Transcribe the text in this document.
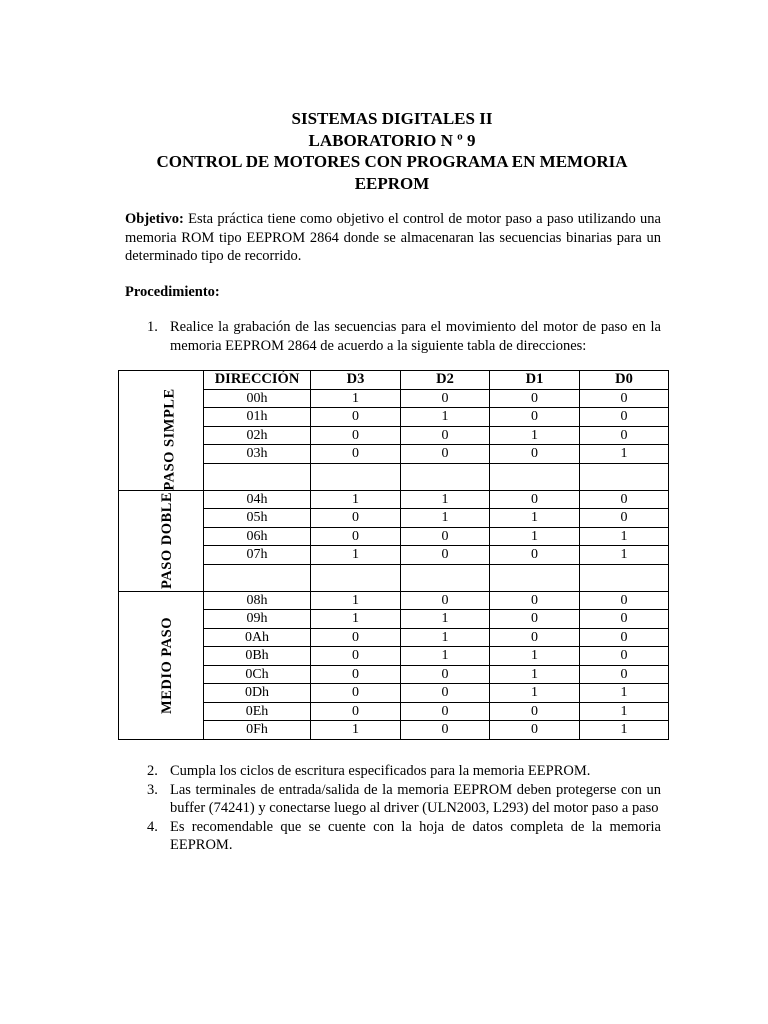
SISTEMAS DIGITALES II
LABORATORIO N º 9
CONTROL DE MOTORES CON PROGRAMA EN MEMORIA
EEPROM
Objetivo: Esta práctica tiene como objetivo el control de motor paso a paso utilizando una memoria ROM tipo EEPROM 2864 donde se almacenaran las secuencias binarias para un determinado tipo de recorrido.
Procedimiento:
1. Realice la grabación de las secuencias para el movimiento del motor de paso en la memoria EEPROM 2864 de acuerdo a la siguiente tabla de direcciones:
	DIRECCIÓN	D3	D2	D1	D0
PASO SIMPLE	00h	1	0	0	0
	01h	0	1	0	0
	02h	0	0	1	0
	03h	0	0	0	1

PASO DOBLE	04h	1	1	0	0
	05h	0	1	1	0
	06h	0	0	1	1
	07h	1	0	0	1

MEDIO PASO	08h	1	0	0	0
	09h	1	1	0	0
	0Ah	0	1	0	0
	0Bh	0	1	1	0
	0Ch	0	0	1	0
	0Dh	0	0	1	1
	0Eh	0	0	0	1
	0Fh	1	0	0	1
2. Cumpla los ciclos de escritura especificados para la memoria EEPROM.
3. Las terminales de entrada/salida de la memoria EEPROM deben protegerse con un buffer (74241) y conectarse luego al driver (ULN2003, L293) del motor paso a paso
4. Es recomendable que se cuente con la hoja de datos completa de la memoria EEPROM.
